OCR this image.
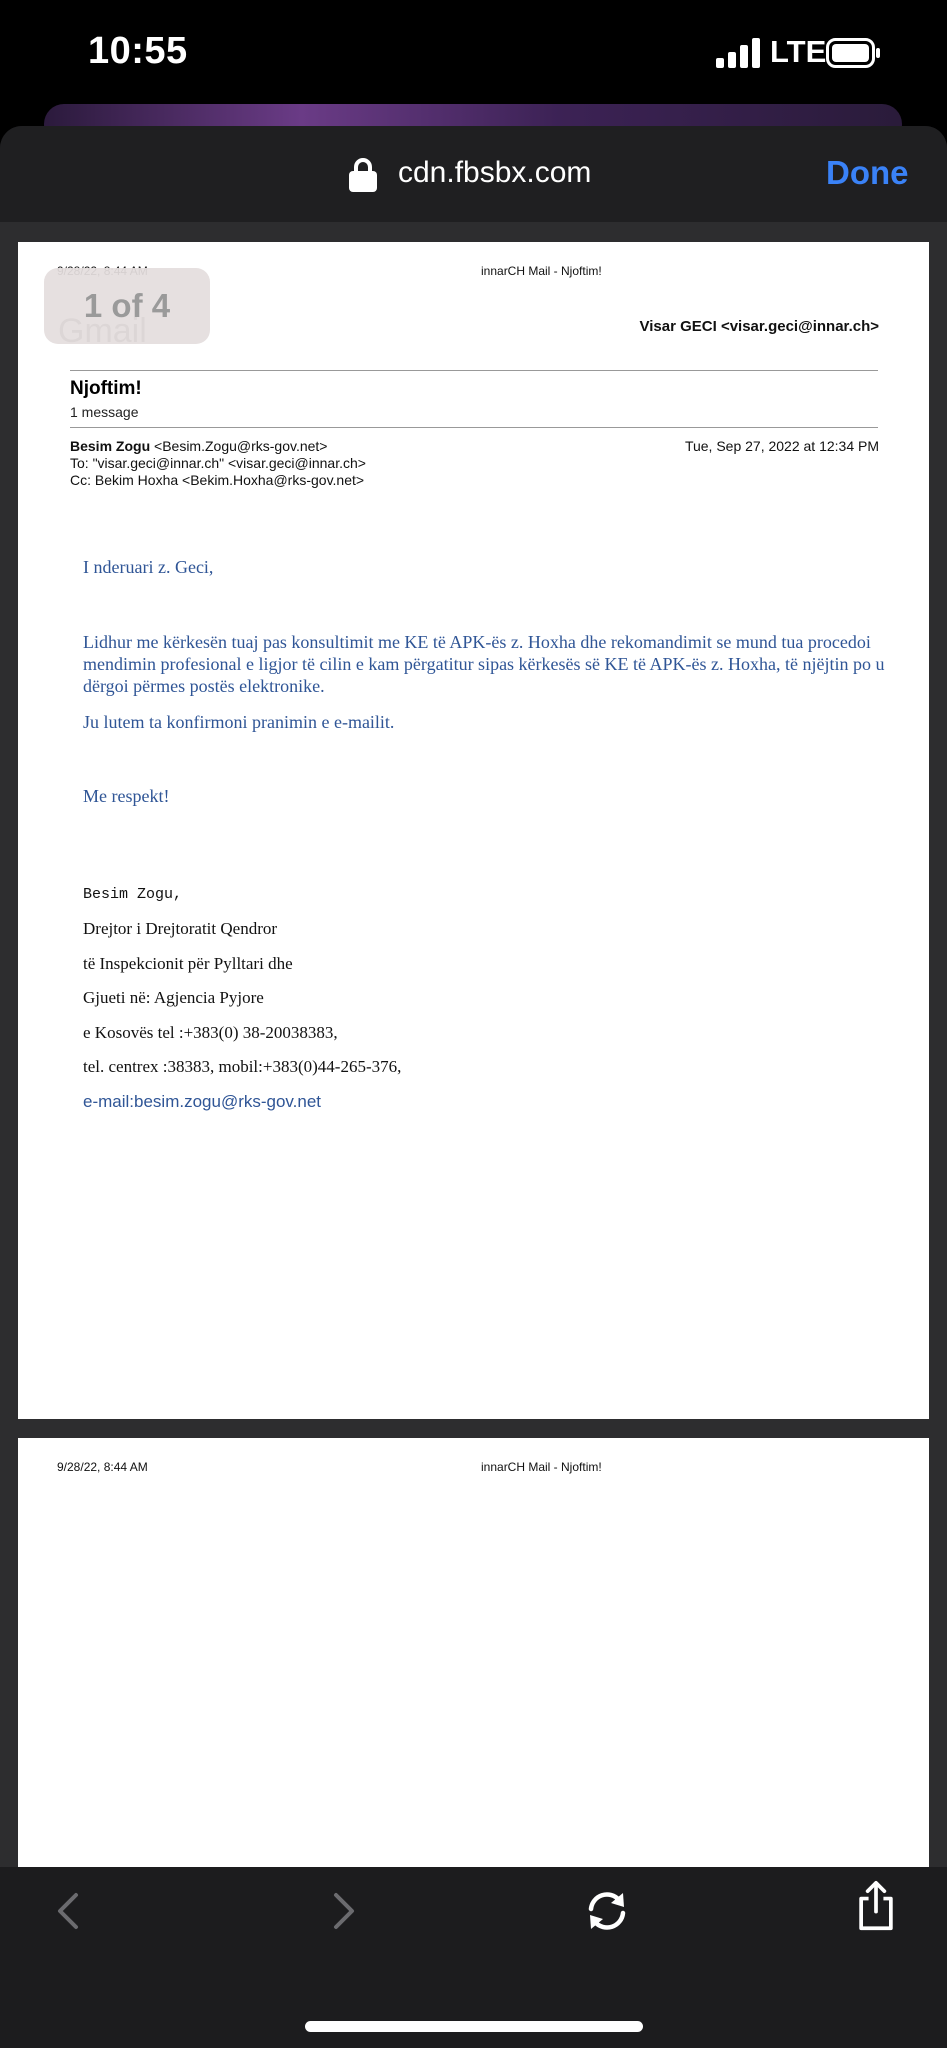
10:55	LTE
cdn.fbsbx.com	Done
innarCH Mail - Njoftim!
Visar GECI <visar.geci@innar.ch>
Njoftim!
1 message
Besim Zogu <Besim.Zogu@rks-gov.net>	Tue, Sep 27, 2022 at 12:34 PM
To: "visar.geci@innar.ch" <visar.geci@innar.ch>
Cc: Bekim Hoxha <Bekim.Hoxha@rks-gov.net>
I nderuari z. Geci,
Lidhur me kërkesën tuaj pas konsultimit me KE të APK-ës z. Hoxha dhe rekomandimit se mund tua procedoi mendimin profesional e ligjor të cilin e kam përgatitur sipas kërkesës së KE të APK-ës z. Hoxha, të njëjtin po u dërgoi përmes postës elektronike.
Ju lutem ta konfirmoni pranimin e e-mailit.
Me respekt!
Besim Zogu,
Drejtor i Drejtoratit Qendror
të Inspekcionit për Pylltari dhe
Gjueti në: Agjencia Pyjore
e Kosovës tel :+383(0) 38-20038383,
tel. centrex :38383, mobil:+383(0)44-265-376,
e-mail:besim.zogu@rks-gov.net
9/28/22, 8:44 AM	innarCH Mail - Njoftim!
1 of 4
